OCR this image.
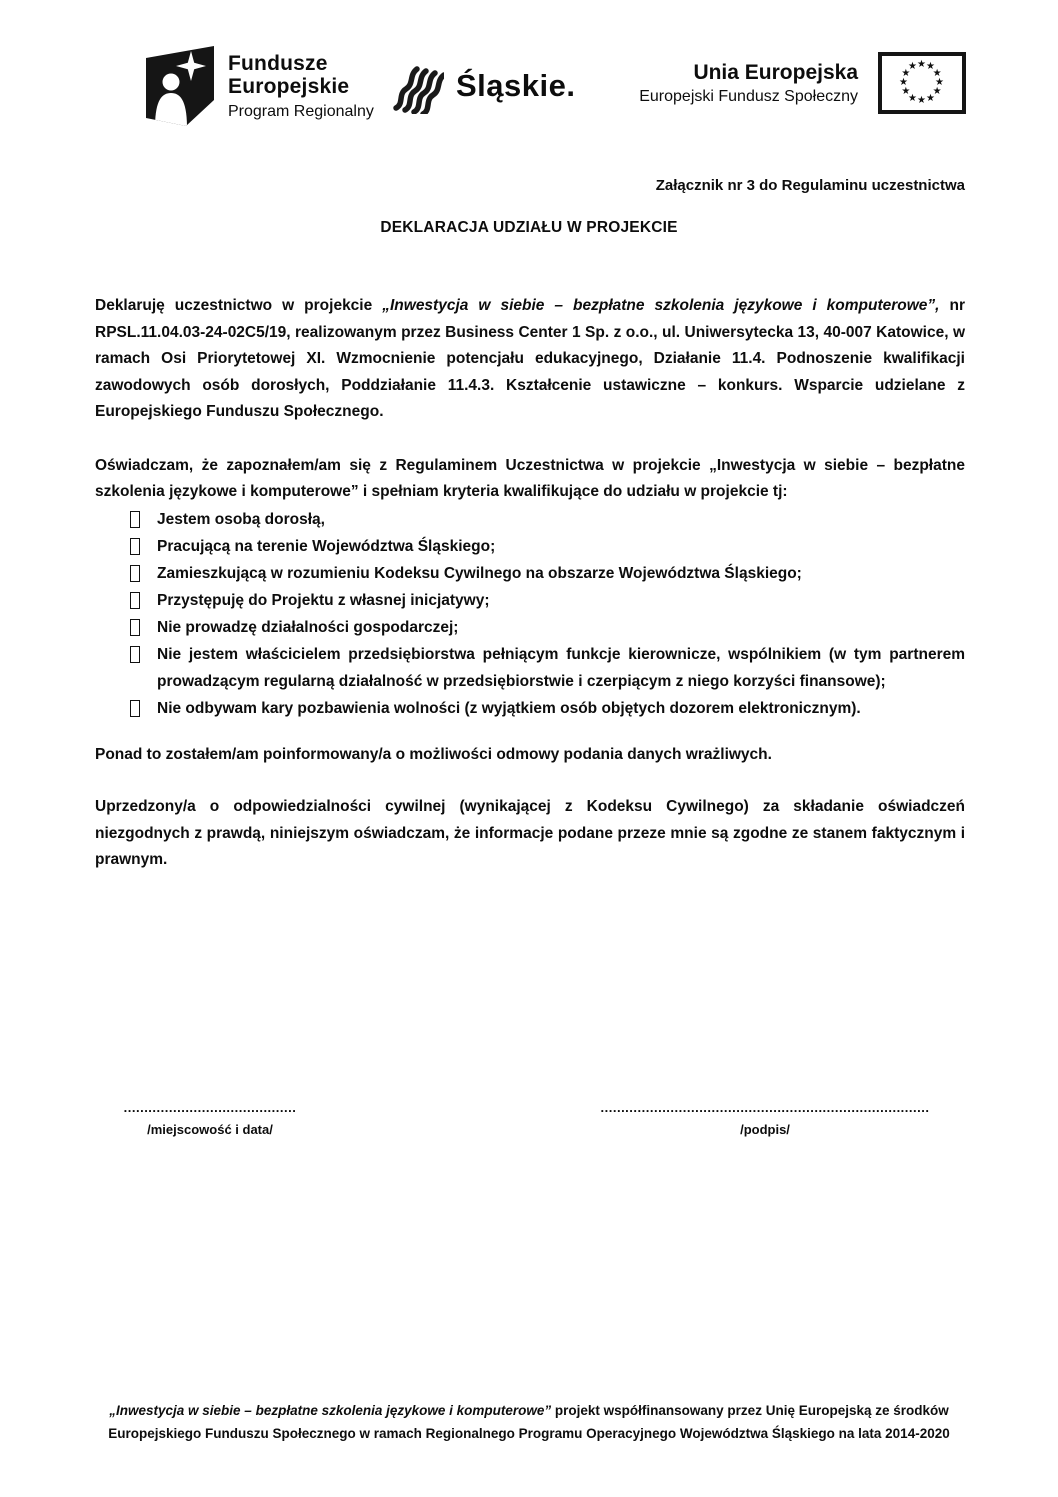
Fundusze
Europejskie
Program Regionalny
Śląskie.	Unia Europejska
Europejski Fundusz Społeczny
★ ★
★
★
★
★
★
★
★
★
★
★
Załącznik nr 3 do Regulaminu uczestnictwa
DEKLARACJA UDZIAŁU W PROJEKCIE

Deklaruję uczestnictwo w projekcie „Inwestycja w siebie – bezpłatne szkolenia językowe i komputerowe”, nr RPSL.11.04.03-24-02C5/19, realizowanym przez Business Center 1 Sp. z o.o., ul. Uniwersytecka 13, 40-007 Katowice, w ramach Osi Priorytetowej XI. Wzmocnienie potencjału edukacyjnego, Działanie 11.4. Podnoszenie kwalifikacji zawodowych osób dorosłych, Poddziałanie 11.4.3. Kształcenie ustawiczne – konkurs. Wsparcie udzielane z Europejskiego Funduszu Społecznego.

Oświadczam, że zapoznałem/am się z Regulaminem Uczestnictwa w projekcie „Inwestycja w siebie – bezpłatne szkolenia językowe i komputerowe” i spełniam kryteria kwalifikujące do udziału w projekcie tj:

Jestem osobą dorosłą,
Pracującą na terenie Województwa Śląskiego;
Zamieszkującą w rozumieniu Kodeksu Cywilnego na obszarze Województwa Śląskiego;
Przystępuję do Projektu z własnej inicjatywy;
Nie prowadzę działalności gospodarczej;
Nie jestem właścicielem przedsiębiorstwa pełniącym funkcje kierownicze, wspólnikiem (w tym partnerem prowadzącym regularną działalność w przedsiębiorstwie i czerpiącym z niego korzyści finansowe);
Nie odbywam kary pozbawienia wolności (z wyjątkiem osób objętych dozorem elektronicznym).

Ponad to zostałem/am poinformowany/a o możliwości odmowy podania danych wrażliwych.

Uprzedzony/a o odpowiedzialności cywilnej (wynikającej z Kodeksu Cywilnego) za składanie oświadczeń niezgodnych z prawdą, niniejszym oświadczam, że informacje podane przeze mnie są zgodne ze stanem faktycznym i prawnym.

..........................................
/miejscowość i data/
................................................................................
/podpis/
„Inwestycja w siebie – bezpłatne szkolenia językowe i komputerowe” projekt współfinansowany przez Unię Europejską ze środków Europejskiego Funduszu Społecznego w ramach Regionalnego Programu Operacyjnego Województwa Śląskiego na lata 2014-2020
